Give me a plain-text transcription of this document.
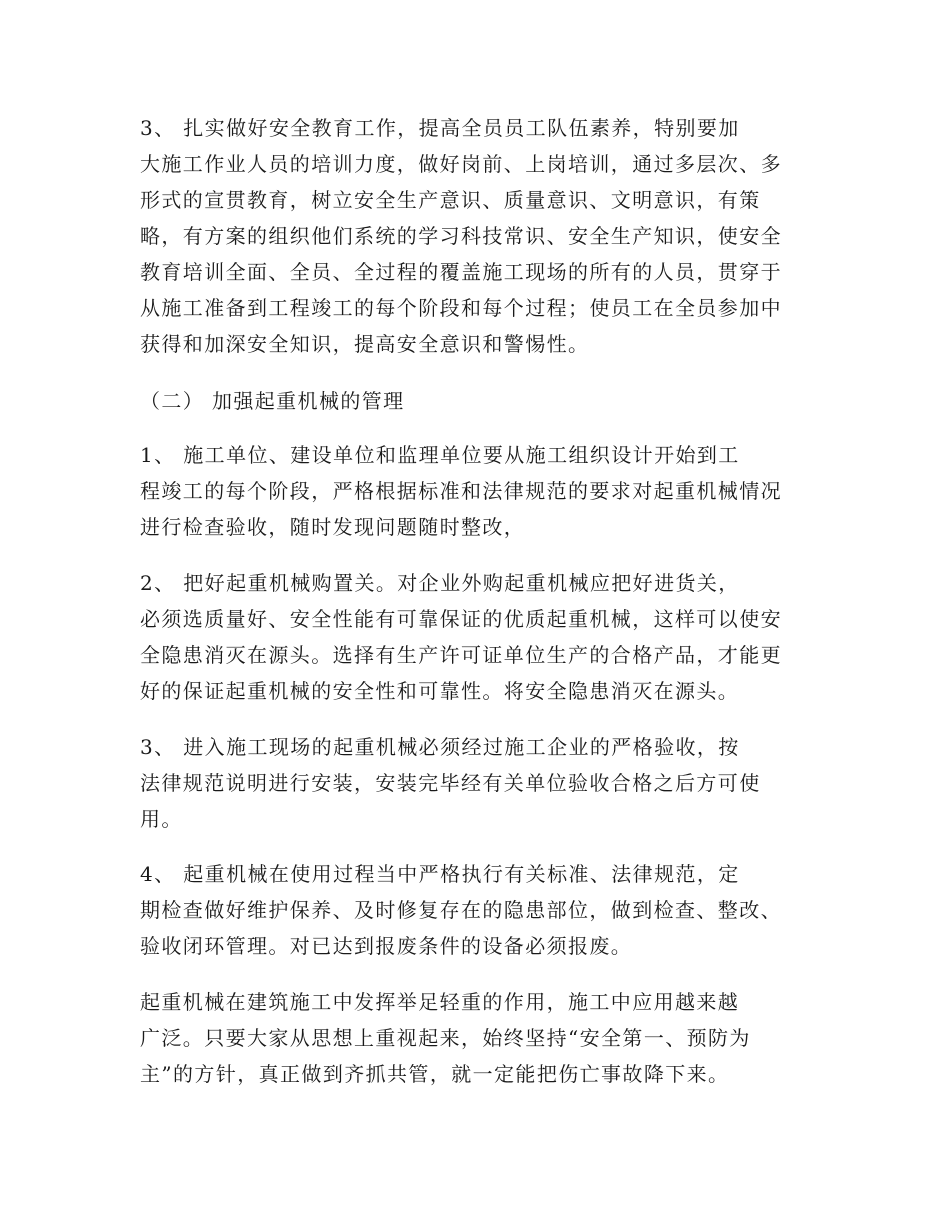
3、 扎实做好安全教育工作，提高全员员工队伍素养，特别要加
大施工作业人员的培训力度，做好岗前、上岗培训，通过多层次、多
形式的宣贯教育，树立安全生产意识、质量意识、文明意识，有策
略，有方案的组织他们系统的学习科技常识、安全生产知识，使安全
教育培训全面、全员、全过程的覆盖施工现场的所有的人员，贯穿于
从施工准备到工程竣工的每个阶段和每个过程；使员工在全员参加中
获得和加深安全知识，提高安全意识和警惕性。
（二） 加强起重机械的管理
1、 施工单位、建设单位和监理单位要从施工组织设计开始到工
程竣工的每个阶段，严格根据标准和法律规范的要求对起重机械情况
进行检查验收，随时发现问题随时整改，
2、 把好起重机械购置关。对企业外购起重机械应把好进货关，
必须选质量好、安全性能有可靠保证的优质起重机械，这样可以使安
全隐患消灭在源头。选择有生产许可证单位生产的合格产品，才能更
好的保证起重机械的安全性和可靠性。将安全隐患消灭在源头。
3、 进入施工现场的起重机械必须经过施工企业的严格验收，按
法律规范说明进行安装，安装完毕经有关单位验收合格之后方可使
用。
4、 起重机械在使用过程当中严格执行有关标准、法律规范，定
期检查做好维护保养、及时修复存在的隐患部位，做到检查、整改、
验收闭环管理。对已达到报废条件的设备必须报废。
起重机械在建筑施工中发挥举足轻重的作用，施工中应用越来越
广泛。只要大家从思想上重视起来，始终坚持“安全第一、预防为
主”的方针，真正做到齐抓共管，就一定能把伤亡事故降下来。
